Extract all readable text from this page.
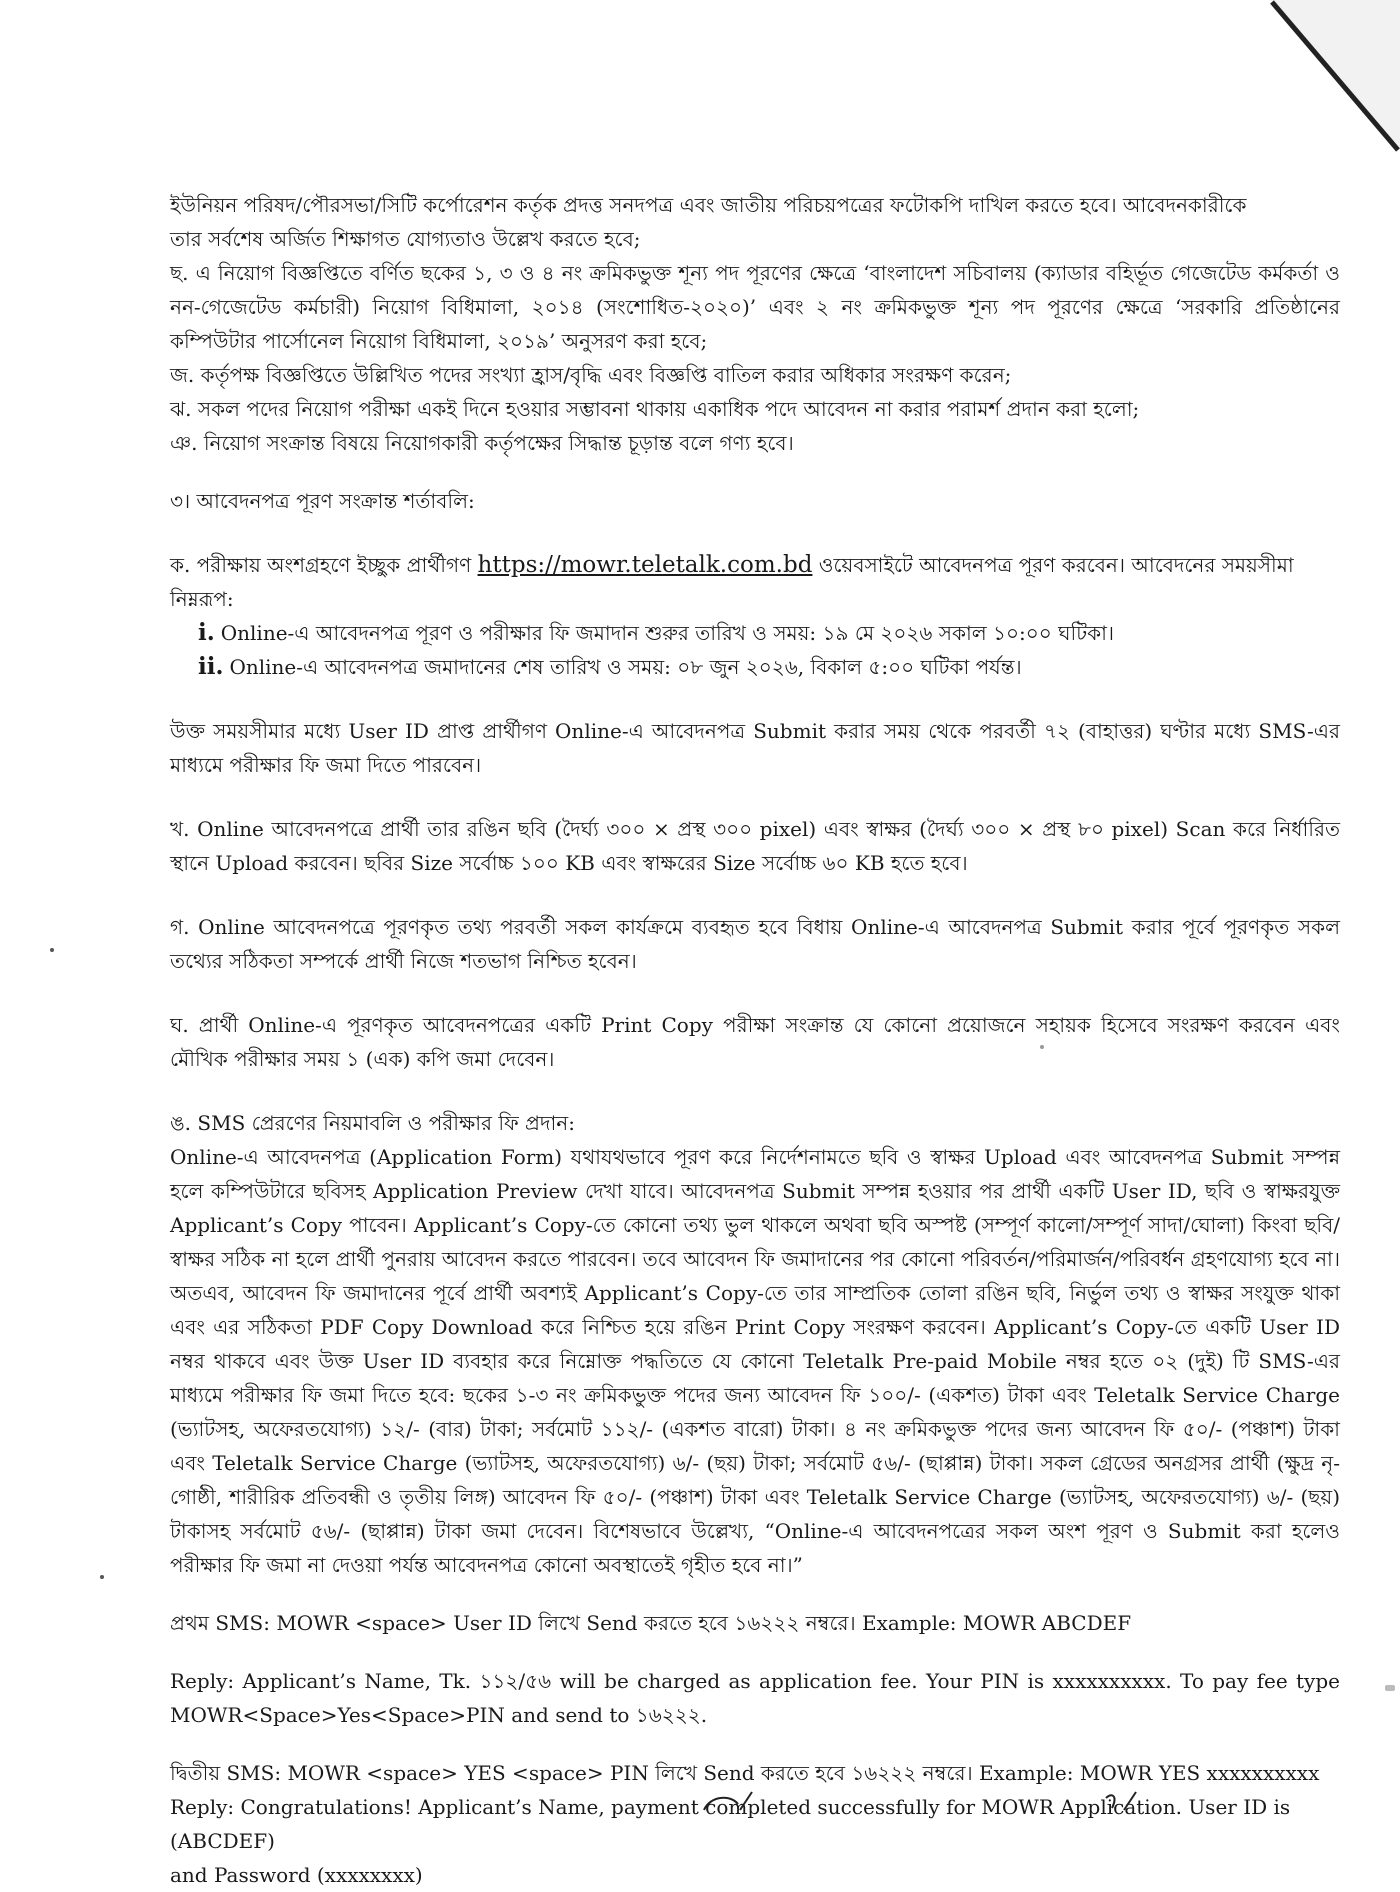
ইউনিয়ন পরিষদ/পৌরসভা/সিটি কর্পোরেশন কর্তৃক প্রদত্ত সনদপত্র এবং জাতীয় পরিচয়পত্রের ফটোকপি দাখিল করতে হবে। আবেদনকারীকে

তার সর্বশেষ অর্জিত শিক্ষাগত যোগ্যতাও উল্লেখ করতে হবে;

ছ. এ নিয়োগ বিজ্ঞপ্তিতে বর্ণিত ছকের ১, ৩ ও ৪ নং ক্রমিকভুক্ত শূন্য পদ পূরণের ক্ষেত্রে ‘বাংলাদেশ সচিবালয় (ক্যাডার বহির্ভূত গেজেটেড কর্মকর্তা ও নন-গেজেটেড কর্মচারী) নিয়োগ বিধিমালা, ২০১৪ (সংশোধিত-২০২০)’ এবং ২ নং ক্রমিকভুক্ত শূন্য পদ পূরণের ক্ষেত্রে ‘সরকারি প্রতিষ্ঠানের কম্পিউটার পার্সোনেল নিয়োগ বিধিমালা, ২০১৯’ অনুসরণ করা হবে;

জ. কর্তৃপক্ষ বিজ্ঞপ্তিতে উল্লিখিত পদের সংখ্যা হ্রাস/বৃদ্ধি এবং বিজ্ঞপ্তি বাতিল করার অধিকার সংরক্ষণ করেন;

ঝ. সকল পদের নিয়োগ পরীক্ষা একই দিনে হওয়ার সম্ভাবনা থাকায় একাধিক পদে আবেদন না করার পরামর্শ প্রদান করা হলো;

ঞ. নিয়োগ সংক্রান্ত বিষয়ে নিয়োগকারী কর্তৃপক্ষের সিদ্ধান্ত চূড়ান্ত বলে গণ্য হবে।

৩। আবেদনপত্র পূরণ সংক্রান্ত শর্তাবলি:

ক. পরীক্ষায় অংশগ্রহণে ইচ্ছুক প্রার্থীগণ https://mowr.teletalk.com.bd ওয়েবসাইটে আবেদনপত্র পূরণ করবেন। আবেদনের সময়সীমা নিম্নরূপ:

i. Online-এ আবেদনপত্র পূরণ ও পরীক্ষার ফি জমাদান শুরুর তারিখ ও সময়: ১৯ মে ২০২৬ সকাল ১০:০০ ঘটিকা।

ii. Online-এ আবেদনপত্র জমাদানের শেষ তারিখ ও সময়: ০৮ জুন ২০২৬, বিকাল ৫:০০ ঘটিকা পর্যন্ত।

উক্ত সময়সীমার মধ্যে User ID প্রাপ্ত প্রার্থীগণ Online-এ আবেদনপত্র Submit করার সময় থেকে পরবর্তী ৭২ (বাহাত্তর) ঘণ্টার মধ্যে SMS-এর মাধ্যমে পরীক্ষার ফি জমা দিতে পারবেন।

খ. Online আবেদনপত্রে প্রার্থী তার রঙিন ছবি (দৈর্ঘ্য ৩০০ × প্রস্থ ৩০০ pixel) এবং স্বাক্ষর (দৈর্ঘ্য ৩০০ × প্রস্থ ৮০ pixel) Scan করে নির্ধারিত স্থানে Upload করবেন। ছবির Size সর্বোচ্চ ১০০ KB এবং স্বাক্ষরের Size সর্বোচ্চ ৬০ KB হতে হবে।

গ. Online আবেদনপত্রে পূরণকৃত তথ্য পরবর্তী সকল কার্যক্রমে ব্যবহৃত হবে বিধায় Online-এ আবেদনপত্র Submit করার পূর্বে পূরণকৃত সকল তথ্যের সঠিকতা সম্পর্কে প্রার্থী নিজে শতভাগ নিশ্চিত হবেন।

ঘ. প্রার্থী Online-এ পূরণকৃত আবেদনপত্রের একটি Print Copy পরীক্ষা সংক্রান্ত যে কোনো প্রয়োজনে সহায়ক হিসেবে সংরক্ষণ করবেন এবং মৌখিক পরীক্ষার সময় ১ (এক) কপি জমা দেবেন।

ঙ. SMS প্রেরণের নিয়মাবলি ও পরীক্ষার ফি প্রদান:

Online-এ আবেদনপত্র (Application Form) যথাযথভাবে পূরণ করে নির্দেশনামতে ছবি ও স্বাক্ষর Upload এবং আবেদনপত্র Submit সম্পন্ন হলে কম্পিউটারে ছবিসহ Application Preview দেখা যাবে। আবেদনপত্র Submit সম্পন্ন হওয়ার পর প্রার্থী একটি User ID, ছবি ও স্বাক্ষরযুক্ত Applicant’s Copy পাবেন। Applicant’s Copy-তে কোনো তথ্য ভুল থাকলে অথবা ছবি অস্পষ্ট (সম্পূর্ণ কালো/সম্পূর্ণ সাদা/ঘোলা) কিংবা ছবি/স্বাক্ষর সঠিক না হলে প্রার্থী পুনরায় আবেদন করতে পারবেন। তবে আবেদন ফি জমাদানের পর কোনো পরিবর্তন/পরিমার্জন/পরিবর্ধন গ্রহণযোগ্য হবে না। অতএব, আবেদন ফি জমাদানের পূর্বে প্রার্থী অবশ্যই Applicant’s Copy-তে তার সাম্প্রতিক তোলা রঙিন ছবি, নির্ভুল তথ্য ও স্বাক্ষর সংযুক্ত থাকা এবং এর সঠিকতা PDF Copy Download করে নিশ্চিত হয়ে রঙিন Print Copy সংরক্ষণ করবেন। Applicant’s Copy-তে একটি User ID নম্বর থাকবে এবং উক্ত User ID ব্যবহার করে নিম্নোক্ত পদ্ধতিতে যে কোনো Teletalk Pre-paid Mobile নম্বর হতে ০২ (দুই) টি SMS-এর মাধ্যমে পরীক্ষার ফি জমা দিতে হবে: ছকের ১-৩ নং ক্রমিকভুক্ত পদের জন্য আবেদন ফি ১০০/- (একশত) টাকা এবং Teletalk Service Charge (ভ্যাটসহ, অফেরতযোগ্য) ১২/- (বার) টাকা; সর্বমোট ১১২/- (একশত বারো) টাকা। ৪ নং ক্রমিকভুক্ত পদের জন্য আবেদন ফি ৫০/- (পঞ্চাশ) টাকা এবং Teletalk Service Charge (ভ্যাটসহ, অফেরতযোগ্য) ৬/- (ছয়) টাকা; সর্বমোট ৫৬/- (ছাপ্পান্ন) টাকা। সকল গ্রেডের অনগ্রসর প্রার্থী (ক্ষুদ্র নৃ-গোষ্ঠী, শারীরিক প্রতিবন্ধী ও তৃতীয় লিঙ্গ) আবেদন ফি ৫০/- (পঞ্চাশ) টাকা এবং Teletalk Service Charge (ভ্যাটসহ, অফেরতযোগ্য) ৬/- (ছয়) টাকাসহ সর্বমোট ৫৬/- (ছাপ্পান্ন) টাকা জমা দেবেন। বিশেষভাবে উল্লেখ্য, “Online-এ আবেদনপত্রের সকল অংশ পূরণ ও Submit করা হলেও পরীক্ষার ফি জমা না দেওয়া পর্যন্ত আবেদনপত্র কোনো অবস্থাতেই গৃহীত হবে না।”

প্রথম SMS: MOWR <space> User ID লিখে Send করতে হবে ১৬২২২ নম্বরে। Example: MOWR ABCDEF

Reply: Applicant’s Name, Tk. ১১২/৫৬ will be charged as application fee. Your PIN is xxxxxxxxxx. To pay fee type MOWR<Space>Yes<Space>PIN and send to ১৬২২২.

দ্বিতীয় SMS: MOWR <space> YES <space> PIN লিখে Send করতে হবে ১৬২২২ নম্বরে। Example: MOWR YES xxxxxxxxxx

Reply: Congratulations! Applicant’s Name, payment completed successfully for MOWR Application. User ID is (ABCDEF)

and Password (xxxxxxxx)
